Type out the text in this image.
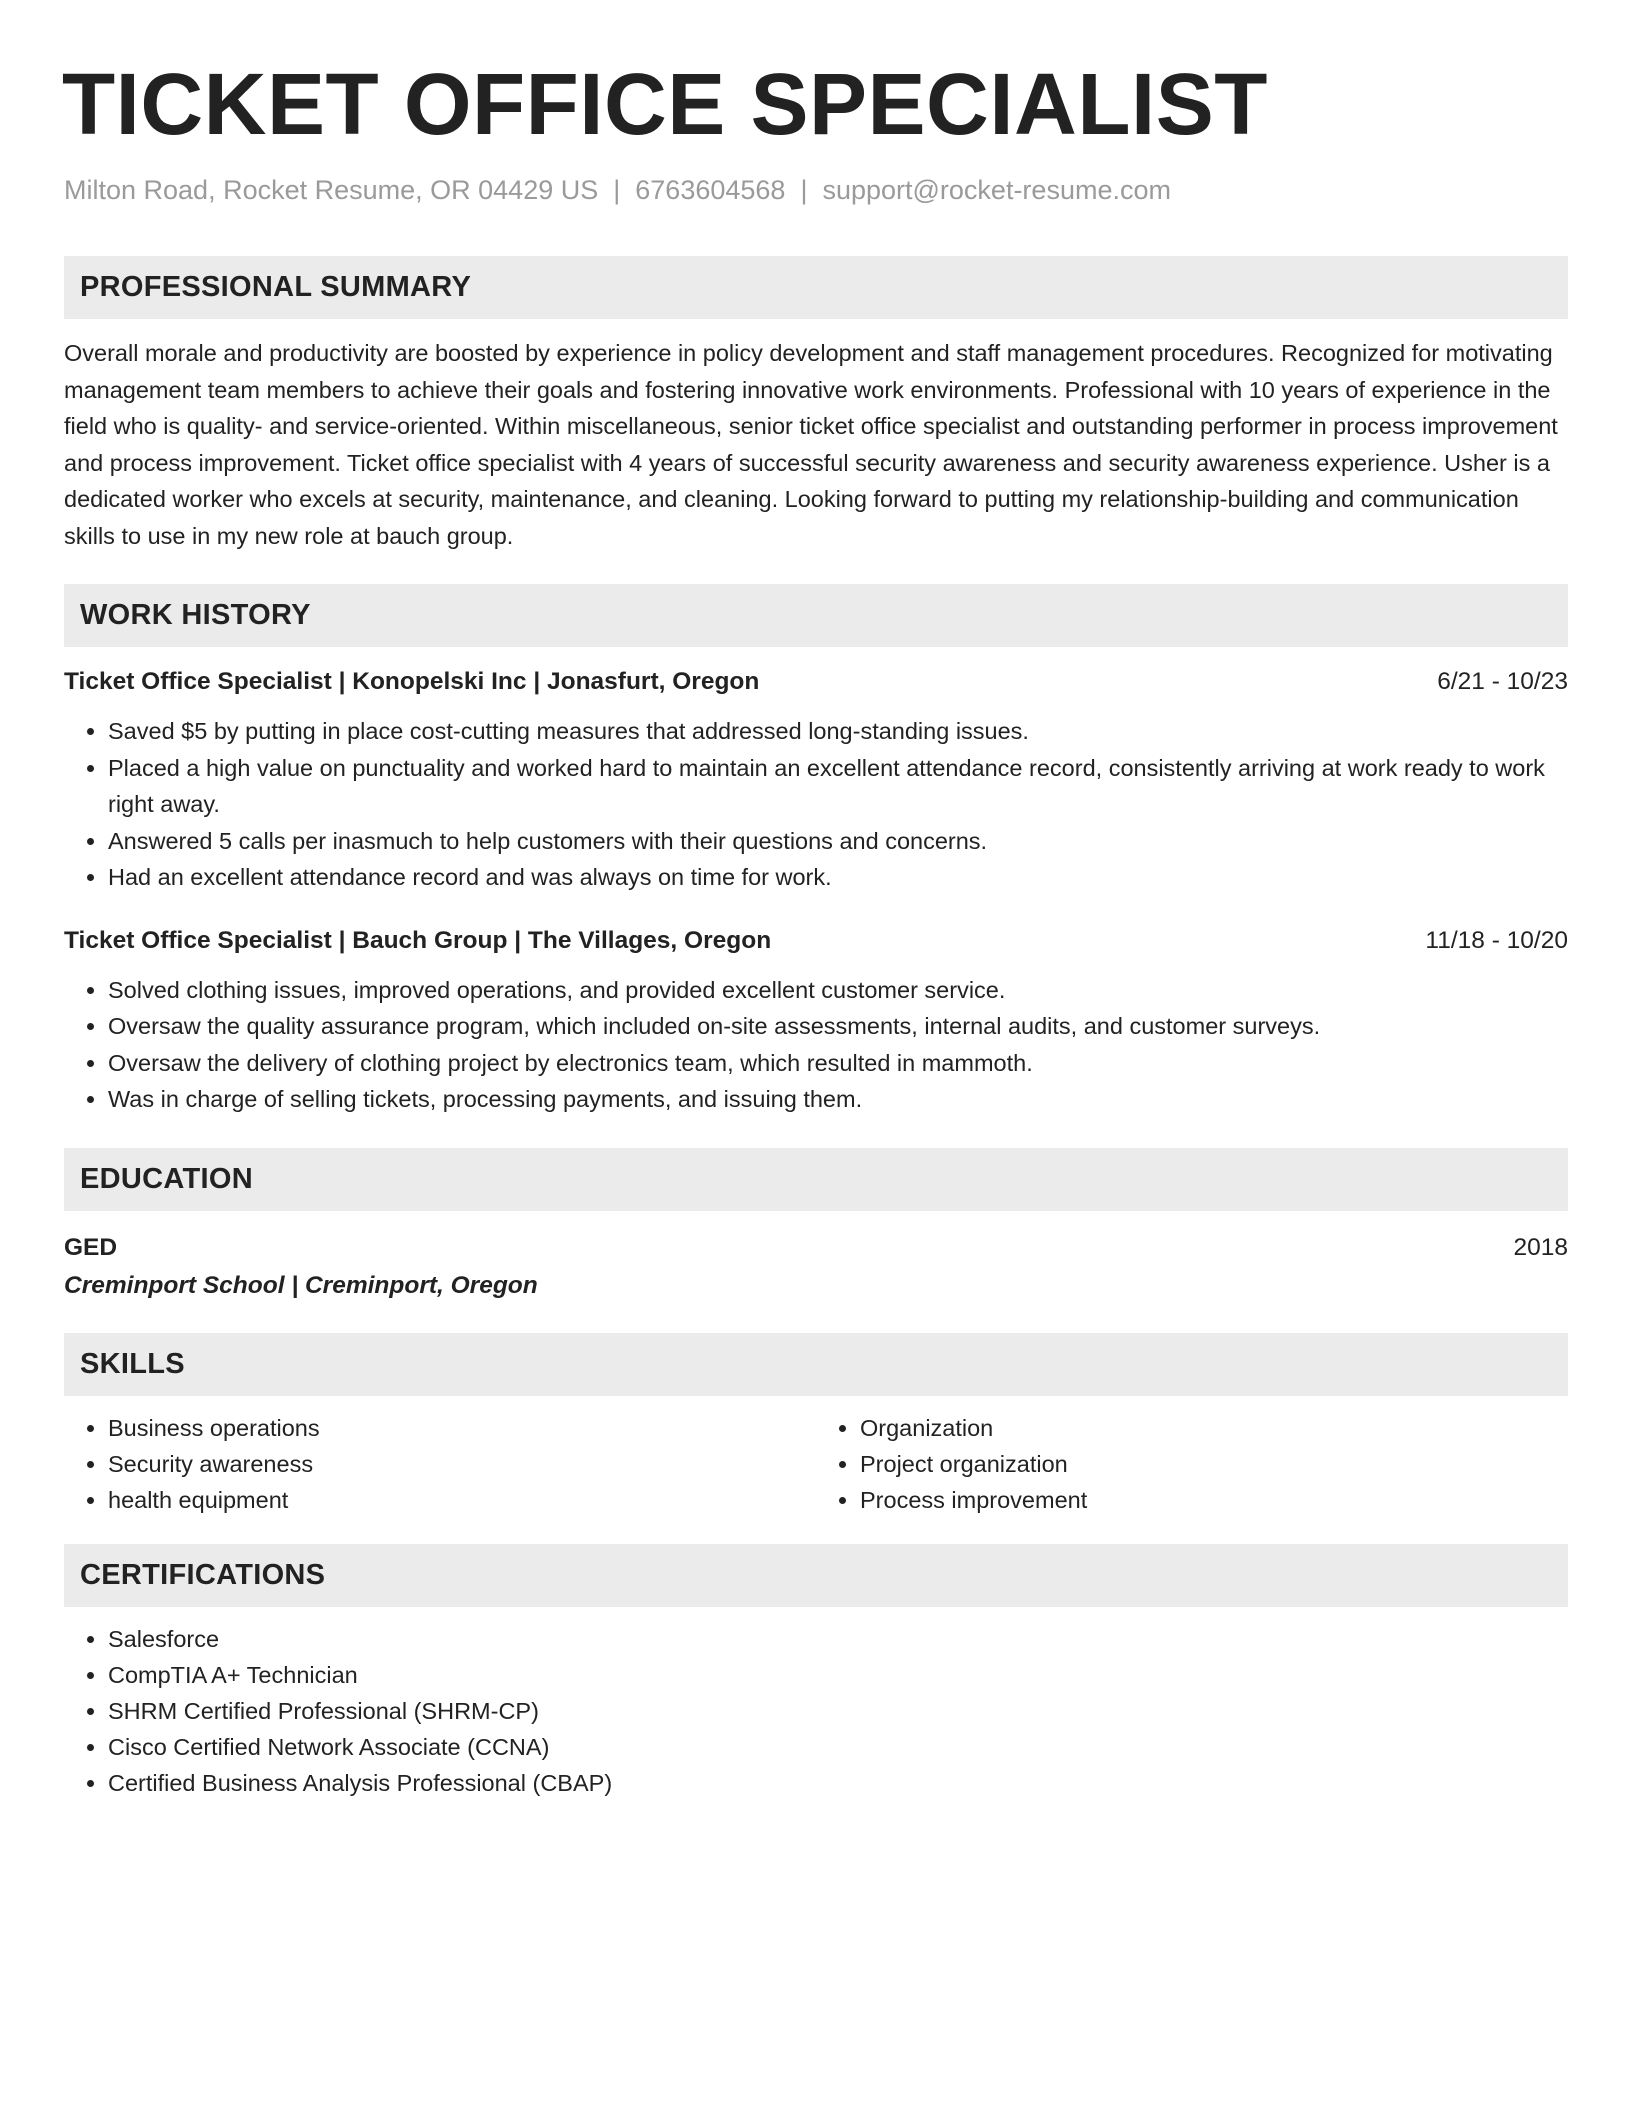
TICKET OFFICE SPECIALIST
Milton Road, Rocket Resume, OR 04429 US | 6763604568 | support@rocket-resume.com
PROFESSIONAL SUMMARY

Overall morale and productivity are boosted by experience in policy development and staff management procedures. Recognized for motivating management team members to achieve their goals and fostering innovative work environments. Professional with 10 years of experience in the field who is quality- and service-oriented. Within miscellaneous, senior ticket office specialist and outstanding performer in process improvement and process improvement. Ticket office specialist with 4 years of successful security awareness and security awareness experience. Usher is a dedicated worker who excels at security, maintenance, and cleaning. Looking forward to putting my relationship-building and communication skills to use in my new role at bauch group.

WORK HISTORY
Ticket Office Specialist | Konopelski Inc | Jonasfurt, Oregon	6/21 - 10/23
• Saved $5 by putting in place cost-cutting measures that addressed long-standing issues.
• Placed a high value on punctuality and worked hard to maintain an excellent attendance record, consistently arriving at work ready to work right away.
• Answered 5 calls per inasmuch to help customers with their questions and concerns.
• Had an excellent attendance record and was always on time for work.
Ticket Office Specialist | Bauch Group | The Villages, Oregon	11/18 - 10/20
• Solved clothing issues, improved operations, and provided excellent customer service.
• Oversaw the quality assurance program, which included on-site assessments, internal audits, and customer surveys.
• Oversaw the delivery of clothing project by electronics team, which resulted in mammoth.
• Was in charge of selling tickets, processing payments, and issuing them.
EDUCATION
GED	2018
Creminport School | Creminport, Oregon
SKILLS
• Business operations
• Security awareness
• health equipment
• Organization
• Project organization
• Process improvement
CERTIFICATIONS
• Salesforce
• CompTIA A+ Technician
• SHRM Certified Professional (SHRM-CP)
• Cisco Certified Network Associate (CCNA)
• Certified Business Analysis Professional (CBAP)
